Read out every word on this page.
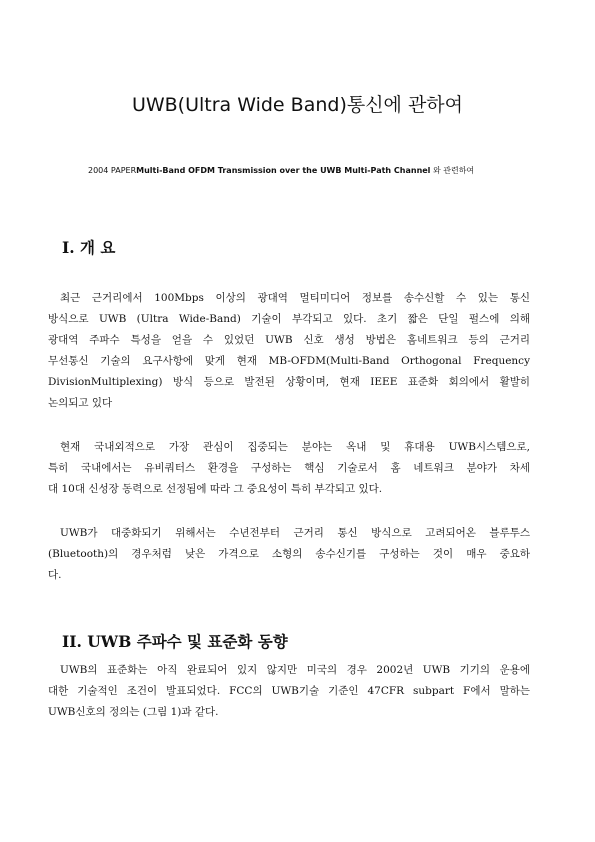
UWB(Ultra Wide Band)통신에 관하여
2004 PAPERMulti-Band OFDM Transmission over the UWB Multi-Path Channel 와 관련하여
Ⅰ. 개 요
최근 근거리에서 100Mbps 이상의 광대역 멀티미디어 정보를 송수신할 수 있는 통신
방식으로 UWB (Ultra Wide-Band) 기술이 부각되고 있다. 초기 짧은 단일 펄스에 의해
광대역 주파수 특성을 얻을 수 있었던 UWB 신호 생성 방법은 홈네트워크 등의 근거리
무선통신 기술의 요구사항에 맞게 현재 MB-OFDM(Multi-Band Orthogonal Frequency
DivisionMultiplexing) 방식 등으로 발전된 상황이며, 현재 IEEE 표준화 회의에서 활발히
논의되고 있다
현재 국내외적으로 가장 관심이 집중되는 분야는 옥내 및 휴대용 UWB시스템으로,
특히 국내에서는 유비쿼터스 환경을 구성하는 핵심 기술로서 홈 네트워크 분야가 차세
대 10대 신성장 동력으로 선정됨에 따라 그 중요성이 특히 부각되고 있다.
UWB가 대중화되기 위해서는 수년전부터 근거리 통신 방식으로 고려되어온 블루투스
(Bluetooth)의 경우처럼 낮은 가격으로 소형의 송수신기를 구성하는 것이 매우 중요하
다.
II. UWB 주파수 및 표준화 동향
UWB의 표준화는 아직 완료되어 있지 않지만 미국의 경우 2002년 UWB 기기의 운용에
대한 기술적인 조건이 발표되었다. FCC의 UWB기술 기준인 47CFR subpart F에서 말하는
UWB신호의 정의는 (그림 1)과 같다.
